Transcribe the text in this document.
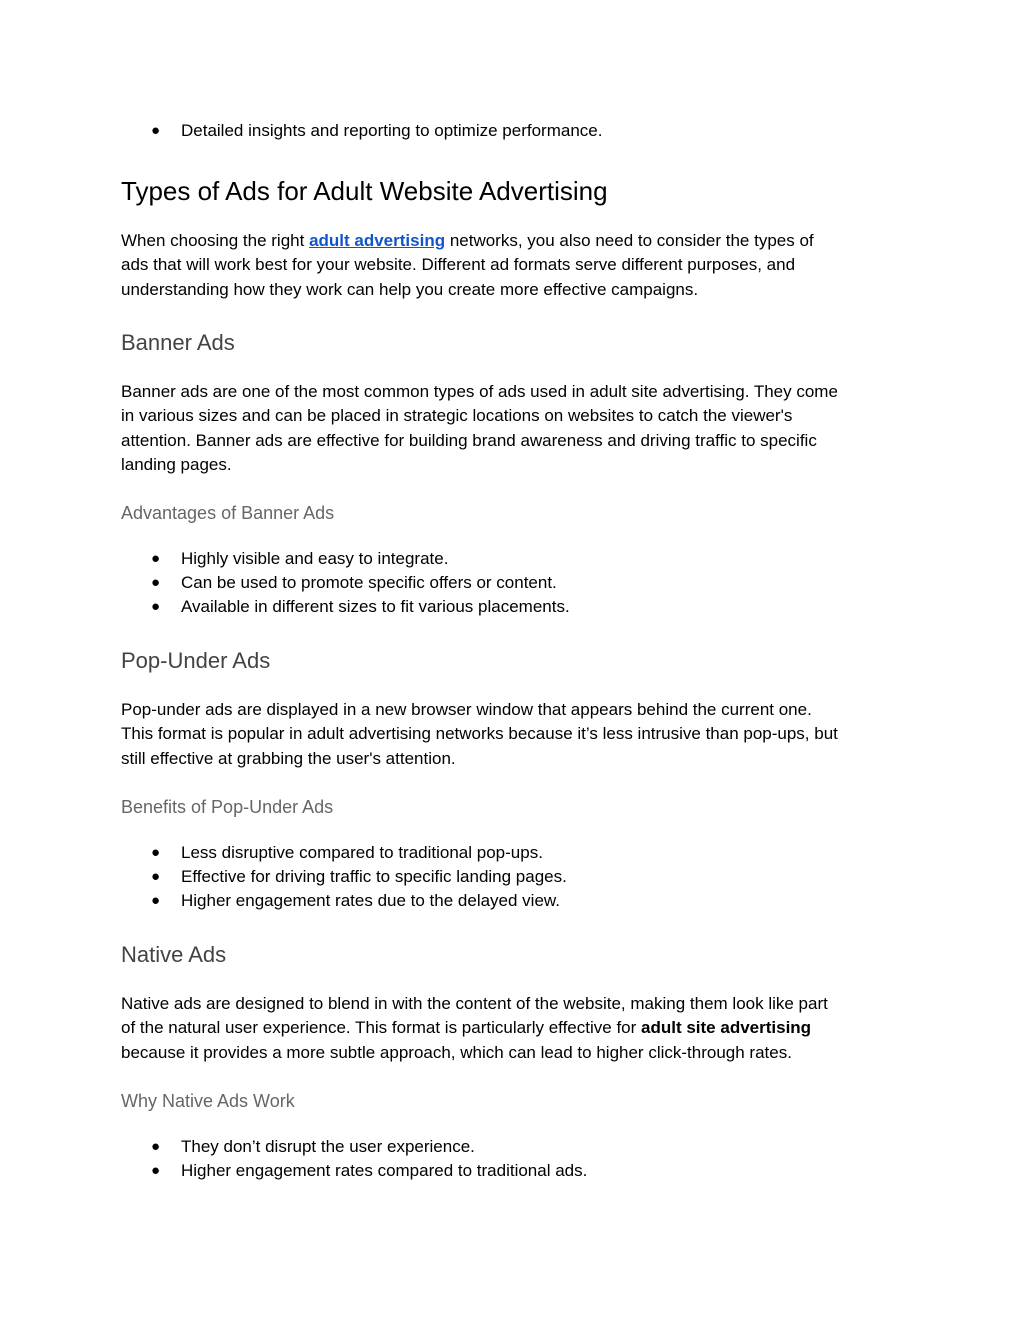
● Detailed insights and reporting to optimize performance.
Types of Ads for Adult Website Advertising

When choosing the right adult advertising networks, you also need to consider the types of
ads that will work best for your website. Different ad formats serve different purposes, and
understanding how they work can help you create more effective campaigns.

Banner Ads

Banner ads are one of the most common types of ads used in adult site advertising. They come
in various sizes and can be placed in strategic locations on websites to catch the viewer's
attention. Banner ads are effective for building brand awareness and driving traffic to specific
landing pages.

Advantages of Banner Ads
● Highly visible and easy to integrate.
● Can be used to promote specific offers or content.
● Available in different sizes to fit various placements.
Pop-Under Ads

Pop-under ads are displayed in a new browser window that appears behind the current one.
This format is popular in adult advertising networks because it’s less intrusive than pop-ups, but
still effective at grabbing the user's attention.

Benefits of Pop-Under Ads
● Less disruptive compared to traditional pop-ups.
● Effective for driving traffic to specific landing pages.
● Higher engagement rates due to the delayed view.
Native Ads

Native ads are designed to blend in with the content of the website, making them look like part
of the natural user experience. This format is particularly effective for adult site advertising
because it provides a more subtle approach, which can lead to higher click-through rates.

Why Native Ads Work
● They don’t disrupt the user experience.
● Higher engagement rates compared to traditional ads.
